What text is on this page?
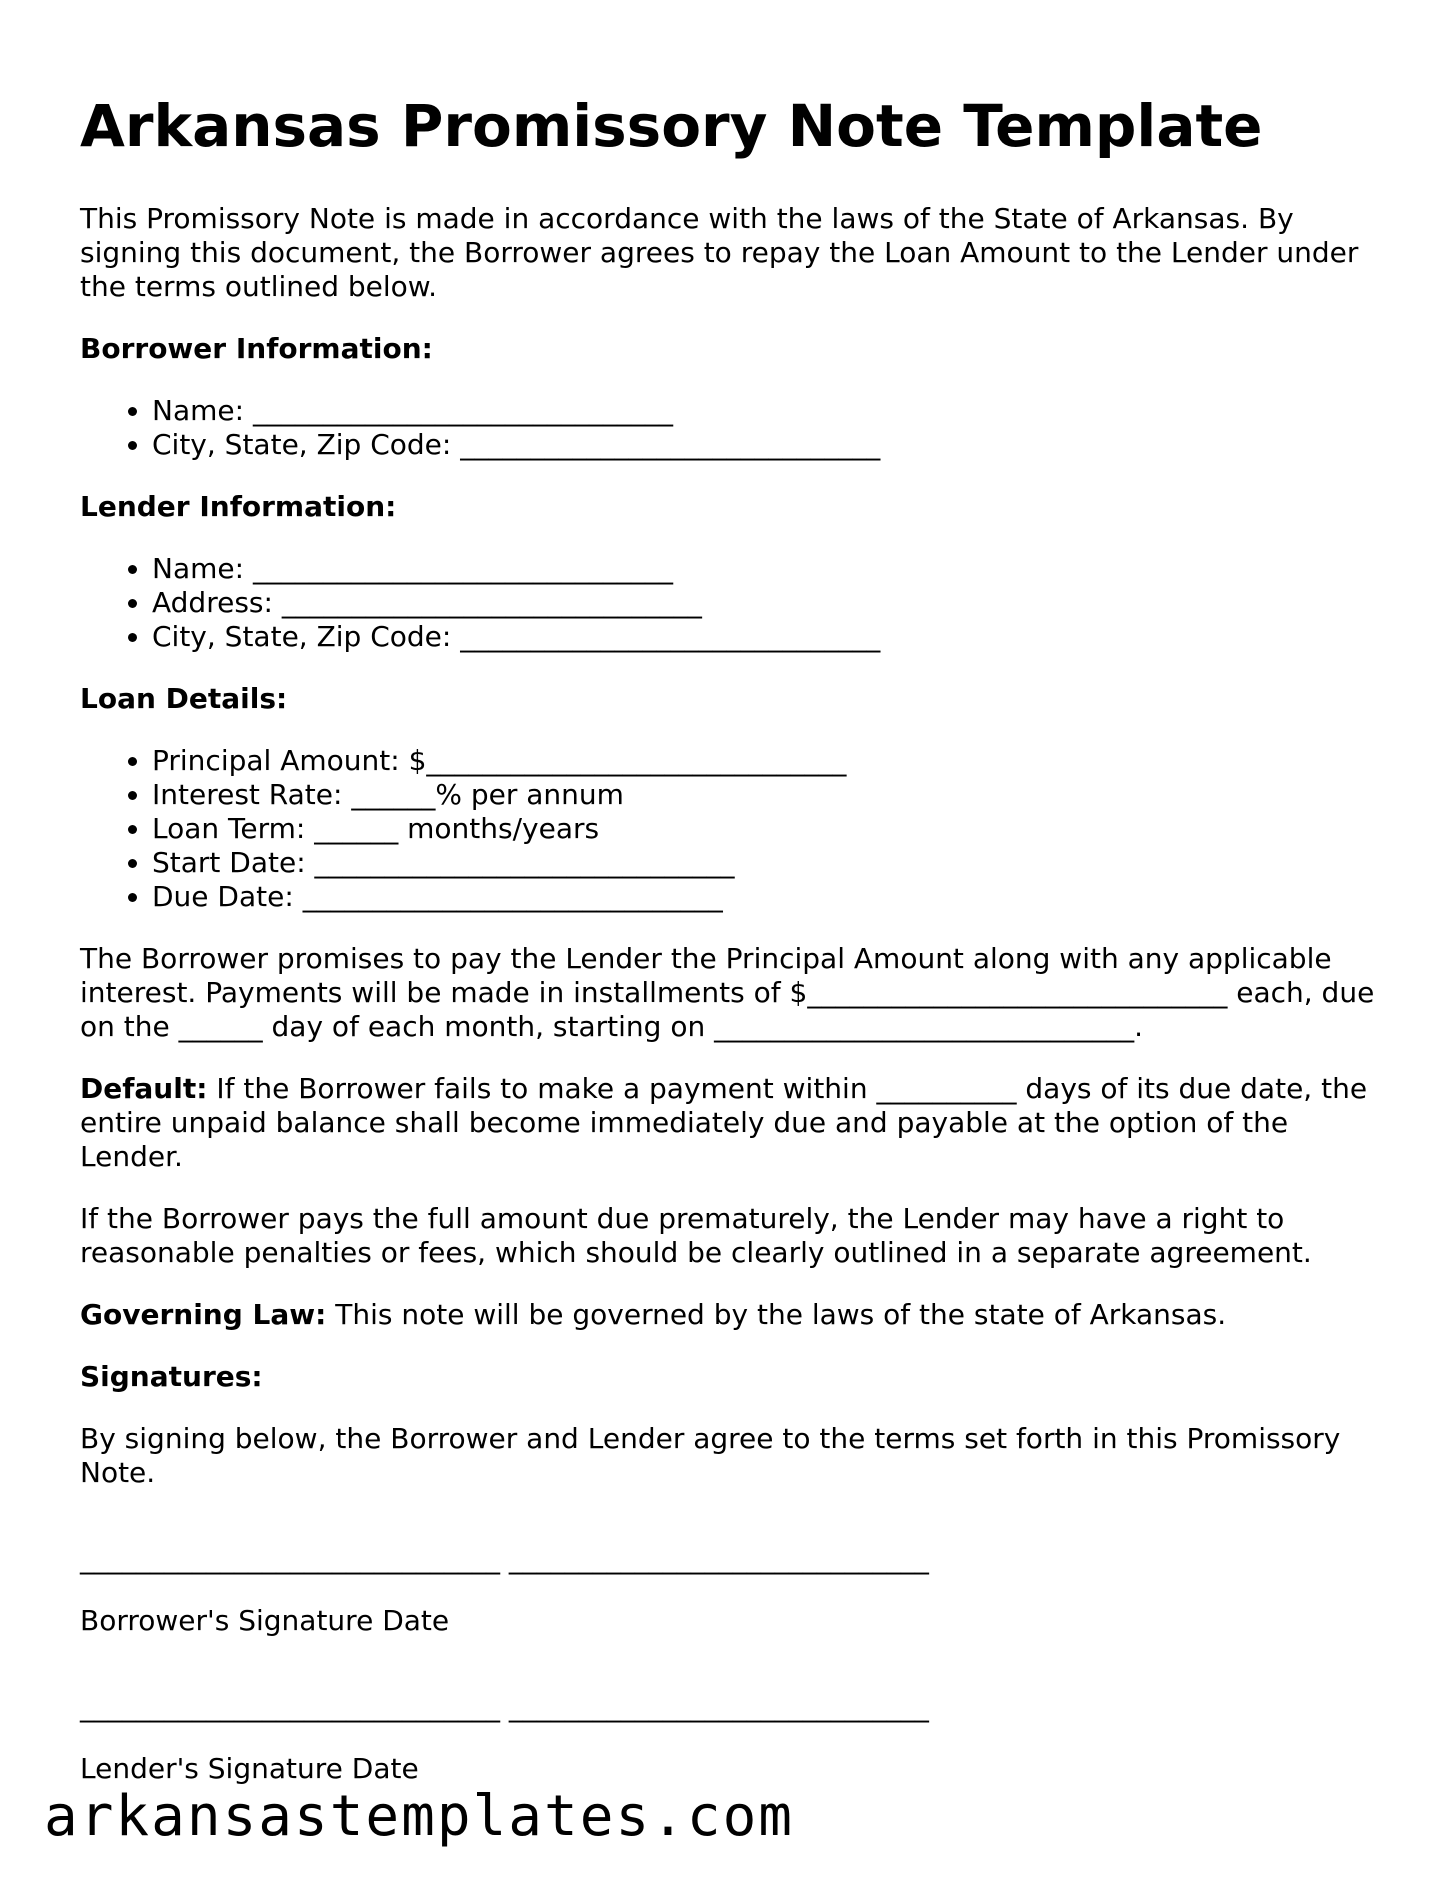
Arkansas Promissory Note Template

This Promissory Note is made in accordance with the laws of the State of Arkansas. By signing this document, the Borrower agrees to repay the Loan Amount to the Lender under the terms outlined below.

Borrower Information:
• Name: ______________________________
• City, State, Zip Code: ______________________________
Lender Information:
• Name: ______________________________
• Address: ______________________________
• City, State, Zip Code: ______________________________
Loan Details:
• Principal Amount: $______________________________
• Interest Rate: ______% per annum
• Loan Term: ______ months/years
• Start Date: ______________________________
• Due Date: ______________________________

The Borrower promises to pay the Lender the Principal Amount along with any applicable interest. Payments will be made in installments of $______________________________ each, due on the ______ day of each month, starting on ______________________________.

Default: If the Borrower fails to make a payment within __________ days of its due date, the entire unpaid balance shall become immediately due and payable at the option of the Lender.

If the Borrower pays the full amount due prematurely, the Lender may have a right to reasonable penalties or fees, which should be clearly outlined in a separate agreement.

Governing Law: This note will be governed by the laws of the state of Arkansas.

Signatures:

By signing below, the Borrower and Lender agree to the terms set forth in this Promissory Note.

______________________________ ______________________________
Borrower's Signature Date
______________________________ ______________________________
Lender's Signature Date
arkansastemplates.com
